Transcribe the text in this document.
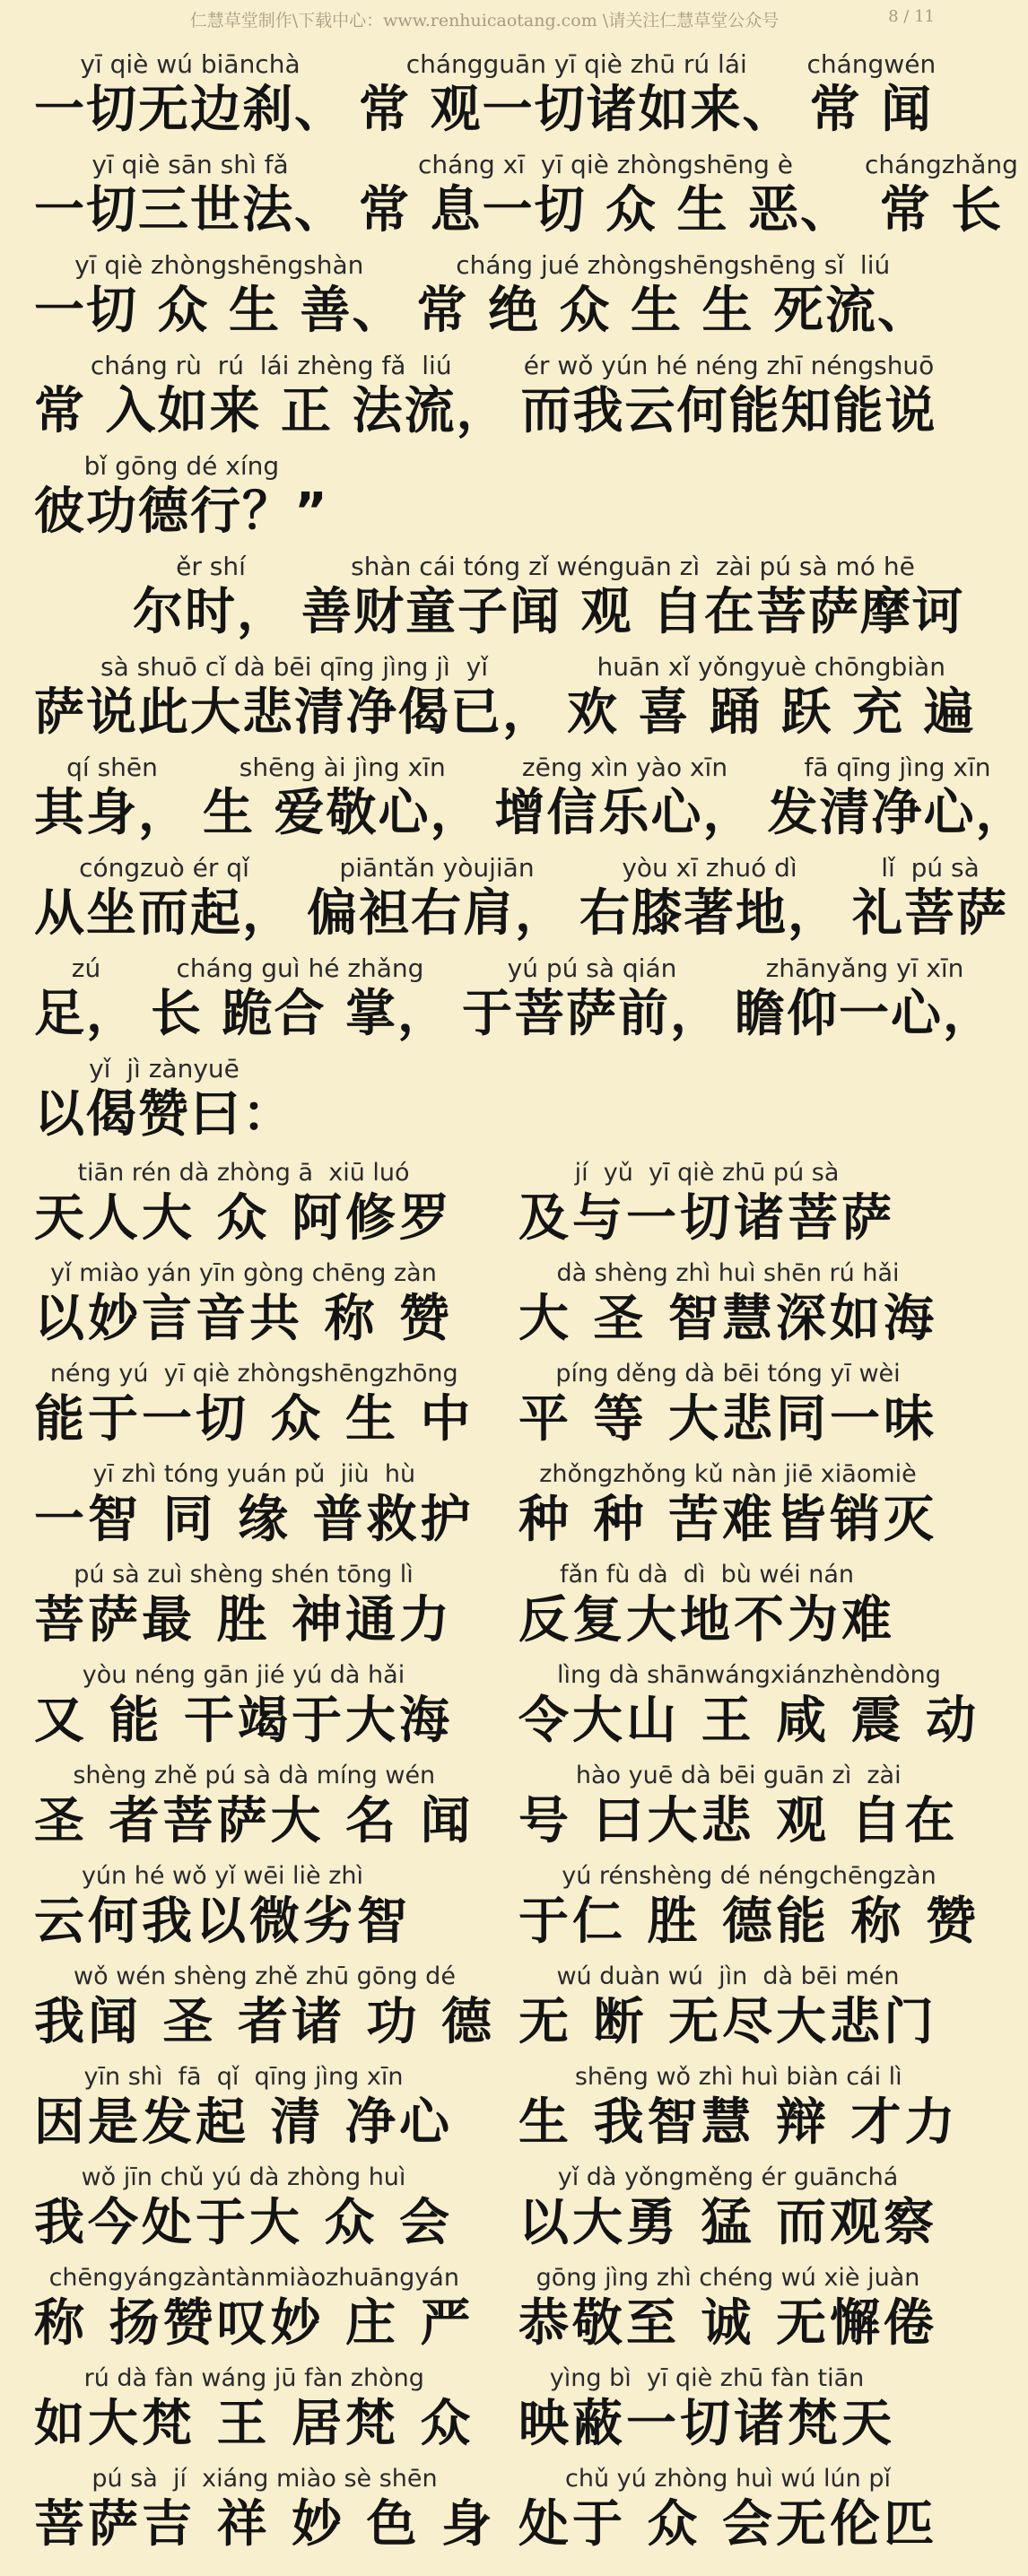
仁慧草堂制作\下载中心：www.renhuicaotang.com \请关注仁慧草堂公众号	8 / 11
yī qiè wú biānchà
一切无边刹、
chángguān yī qiè zhū rú lái
常 观一切诸如来、
chángwén
常 闻
yī qiè sān shì fǎ
一切三世法、
cháng xī  yī qiè zhòngshēng è
常 息一切 众 生 恶、
chángzhǎng
常 长
yī qiè zhòngshēngshàn
一切 众 生 善、
cháng jué zhòngshēngshēng sǐ  liú
常 绝 众 生 生 死流、
cháng rù  rú  lái zhèng fǎ  liú
常 入如来 正 法流，
ér wǒ yún hé néng zhī néngshuō
而我云何能知能说
bǐ gōng dé xíng
彼功德行？”
ěr shí
尔时，
shàn cái tóng zǐ wénguān zì  zài pú sà mó hē
善财童子闻 观 自在菩萨摩诃
sà shuō cǐ dà bēi qīng jìng jì  yǐ
萨说此大悲清净偈已，
huān xǐ yǒngyuè chōngbiàn
欢 喜 踊 跃 充 遍
qí shēn
其身，
shēng ài jìng xīn
生 爱敬心，
zēng xìn yào xīn
增信乐心，
fā qīng jìng xīn
发清净心，
cóngzuò ér qǐ
从坐而起，
piāntǎn yòujiān
偏袒右肩，
yòu xī zhuó dì
右膝著地，
lǐ  pú sà
礼菩萨
zú
足，
cháng guì hé zhǎng
长 跪合 掌，
yú pú sà qián
于菩萨前，
zhānyǎng yī xīn
瞻仰一心，
yǐ  jì zànyuē
以偈赞曰：
tiān rén dà zhòng ā  xiū luó
天人大 众 阿修罗
jí  yǔ  yī qiè zhū pú sà
及与一切诸菩萨
yǐ miào yán yīn gòng chēng zàn
以妙言音共 称 赞
dà shèng zhì huì shēn rú hǎi
大 圣 智慧深如海
néng yú  yī qiè zhòngshēngzhōng
能于一切 众 生 中
píng děng dà bēi tóng yī wèi
平 等 大悲同一味
yī zhì tóng yuán pǔ  jiù  hù
一智 同 缘 普救护
zhǒngzhǒng kǔ nàn jiē xiāomiè
种 种 苦难皆销灭
pú sà zuì shèng shén tōng lì
菩萨最 胜 神通力
fǎn fù dà  dì  bù wéi nán
反复大地不为难
yòu néng gān jié yú dà hǎi
又 能 干竭于大海
lìng dà shānwángxiánzhèndòng
令大山 王 咸 震 动
shèng zhě pú sà dà míng wén
圣 者菩萨大 名 闻
hào yuē dà bēi guān zì  zài
号 曰大悲 观 自在
yún hé wǒ yǐ wēi liè zhì
云何我以微劣智
yú rénshèng dé néngchēngzàn
于仁 胜 德能 称 赞
wǒ wén shèng zhě zhū gōng dé
我闻 圣 者诸 功 德
wú duàn wú  jìn  dà bēi mén
无 断 无尽大悲门
yīn shì  fā  qǐ  qīng jìng xīn
因是发起 清 净心
shēng wǒ zhì huì biàn cái lì
生 我智慧 辩 才力
wǒ jīn chǔ yú dà zhòng huì
我今处于大 众 会
yǐ dà yǒngměng ér guānchá
以大勇 猛 而观察
chēngyángzàntànmiàozhuāngyán
称 扬赞叹妙 庄 严
gōng jìng zhì chéng wú xiè juàn
恭敬至 诚 无懈倦
rú dà fàn wáng jū fàn zhòng
如大梵 王 居梵 众
yìng bì  yī qiè zhū fàn tiān
映蔽一切诸梵天
pú sà  jí  xiáng miào sè shēn
菩萨吉 祥 妙 色 身
chǔ yú zhòng huì wú lún pǐ
处于 众 会无伦匹
